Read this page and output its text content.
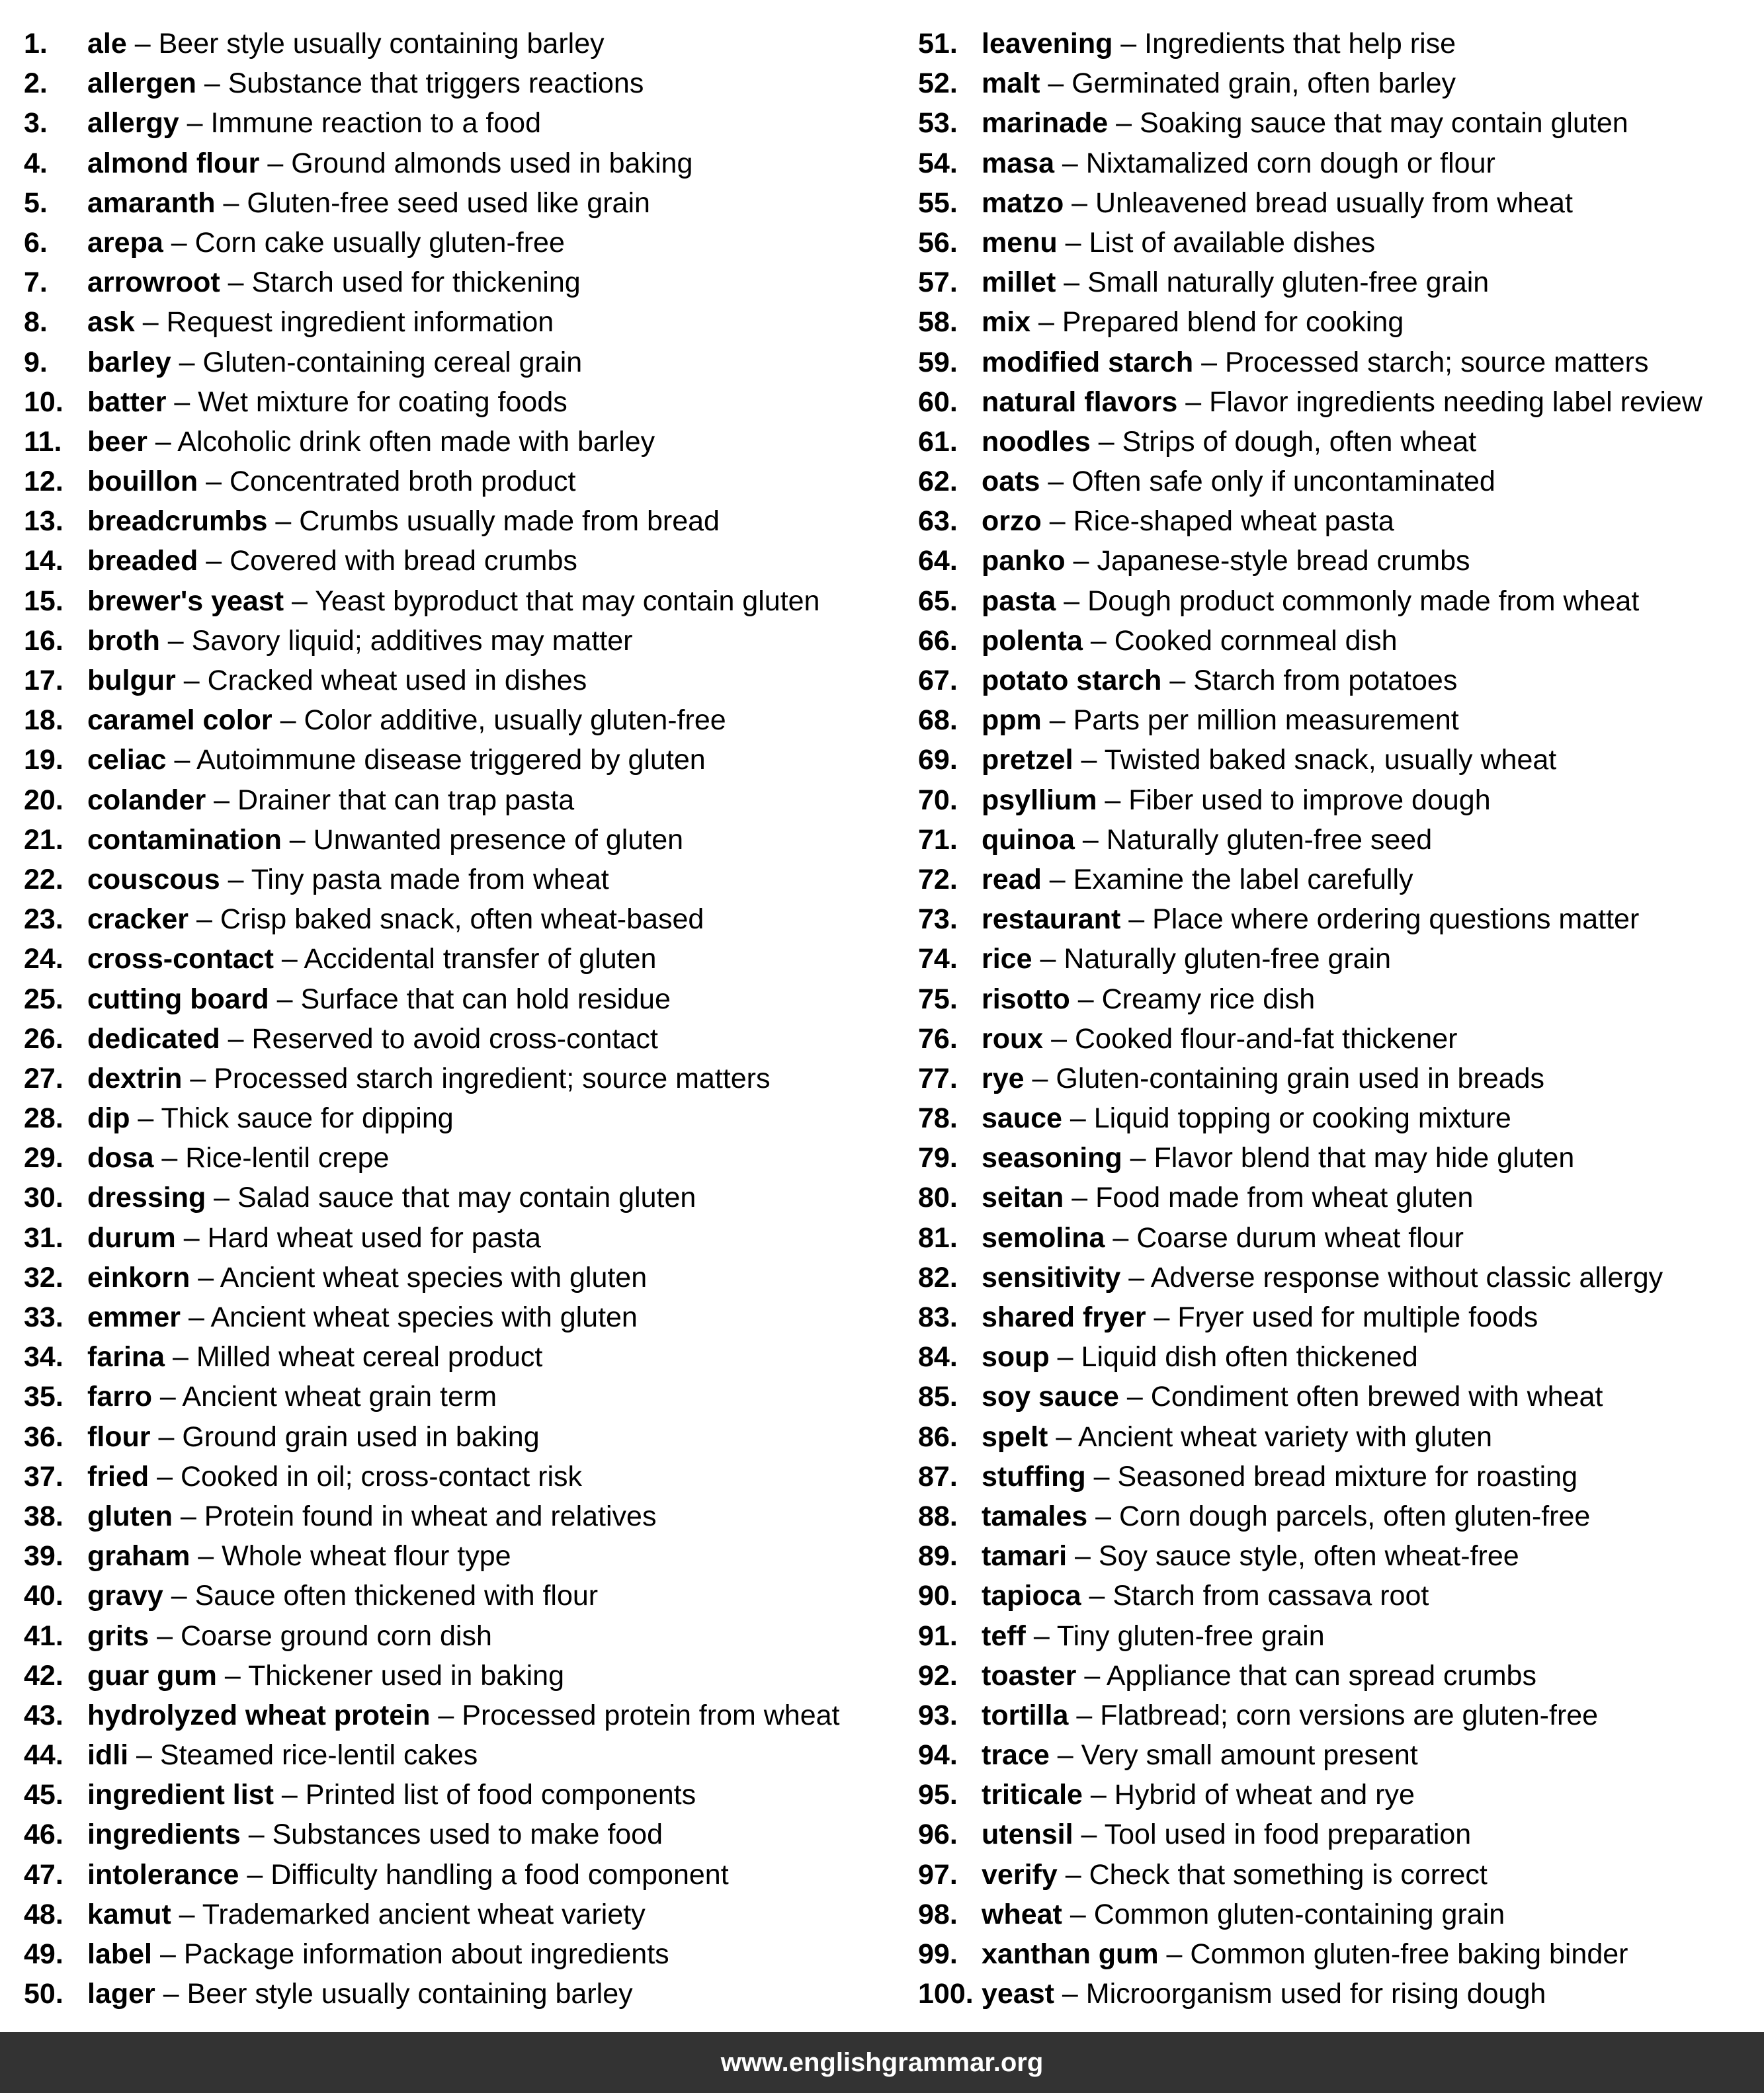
1. ale – Beer style usually containing barley
2. allergen – Substance that triggers reactions
3. allergy – Immune reaction to a food
4. almond flour – Ground almonds used in baking
5. amaranth – Gluten-free seed used like grain
6. arepa – Corn cake usually gluten-free
7. arrowroot – Starch used for thickening
8. ask – Request ingredient information
9. barley – Gluten-containing cereal grain
10. batter – Wet mixture for coating foods
11. beer – Alcoholic drink often made with barley
12. bouillon – Concentrated broth product
13. breadcrumbs – Crumbs usually made from bread
14. breaded – Covered with bread crumbs
15. brewer's yeast – Yeast byproduct that may contain gluten
16. broth – Savory liquid; additives may matter
17. bulgur – Cracked wheat used in dishes
18. caramel color – Color additive, usually gluten-free
19. celiac – Autoimmune disease triggered by gluten
20. colander – Drainer that can trap pasta
21. contamination – Unwanted presence of gluten
22. couscous – Tiny pasta made from wheat
23. cracker – Crisp baked snack, often wheat-based
24. cross-contact – Accidental transfer of gluten
25. cutting board – Surface that can hold residue
26. dedicated – Reserved to avoid cross-contact
27. dextrin – Processed starch ingredient; source matters
28. dip – Thick sauce for dipping
29. dosa – Rice-lentil crepe
30. dressing – Salad sauce that may contain gluten
31. durum – Hard wheat used for pasta
32. einkorn – Ancient wheat species with gluten
33. emmer – Ancient wheat species with gluten
34. farina – Milled wheat cereal product
35. farro – Ancient wheat grain term
36. flour – Ground grain used in baking
37. fried – Cooked in oil; cross-contact risk
38. gluten – Protein found in wheat and relatives
39. graham – Whole wheat flour type
40. gravy – Sauce often thickened with flour
41. grits – Coarse ground corn dish
42. guar gum – Thickener used in baking
43. hydrolyzed wheat protein – Processed protein from wheat
44. idli – Steamed rice-lentil cakes
45. ingredient list – Printed list of food components
46. ingredients – Substances used to make food
47. intolerance – Difficulty handling a food component
48. kamut – Trademarked ancient wheat variety
49. label – Package information about ingredients
50. lager – Beer style usually containing barley
51. leavening – Ingredients that help rise
52. malt – Germinated grain, often barley
53. marinade – Soaking sauce that may contain gluten
54. masa – Nixtamalized corn dough or flour
55. matzo – Unleavened bread usually from wheat
56. menu – List of available dishes
57. millet – Small naturally gluten-free grain
58. mix – Prepared blend for cooking
59. modified starch – Processed starch; source matters
60. natural flavors – Flavor ingredients needing label review
61. noodles – Strips of dough, often wheat
62. oats – Often safe only if uncontaminated
63. orzo – Rice-shaped wheat pasta
64. panko – Japanese-style bread crumbs
65. pasta – Dough product commonly made from wheat
66. polenta – Cooked cornmeal dish
67. potato starch – Starch from potatoes
68. ppm – Parts per million measurement
69. pretzel – Twisted baked snack, usually wheat
70. psyllium – Fiber used to improve dough
71. quinoa – Naturally gluten-free seed
72. read – Examine the label carefully
73. restaurant – Place where ordering questions matter
74. rice – Naturally gluten-free grain
75. risotto – Creamy rice dish
76. roux – Cooked flour-and-fat thickener
77. rye – Gluten-containing grain used in breads
78. sauce – Liquid topping or cooking mixture
79. seasoning – Flavor blend that may hide gluten
80. seitan – Food made from wheat gluten
81. semolina – Coarse durum wheat flour
82. sensitivity – Adverse response without classic allergy
83. shared fryer – Fryer used for multiple foods
84. soup – Liquid dish often thickened
85. soy sauce – Condiment often brewed with wheat
86. spelt – Ancient wheat variety with gluten
87. stuffing – Seasoned bread mixture for roasting
88. tamales – Corn dough parcels, often gluten-free
89. tamari – Soy sauce style, often wheat-free
90. tapioca – Starch from cassava root
91. teff – Tiny gluten-free grain
92. toaster – Appliance that can spread crumbs
93. tortilla – Flatbread; corn versions are gluten-free
94. trace – Very small amount present
95. triticale – Hybrid of wheat and rye
96. utensil – Tool used in food preparation
97. verify – Check that something is correct
98. wheat – Common gluten-containing grain
99. xanthan gum – Common gluten-free baking binder
100. yeast – Microorganism used for rising dough
www.englishgrammar.org
